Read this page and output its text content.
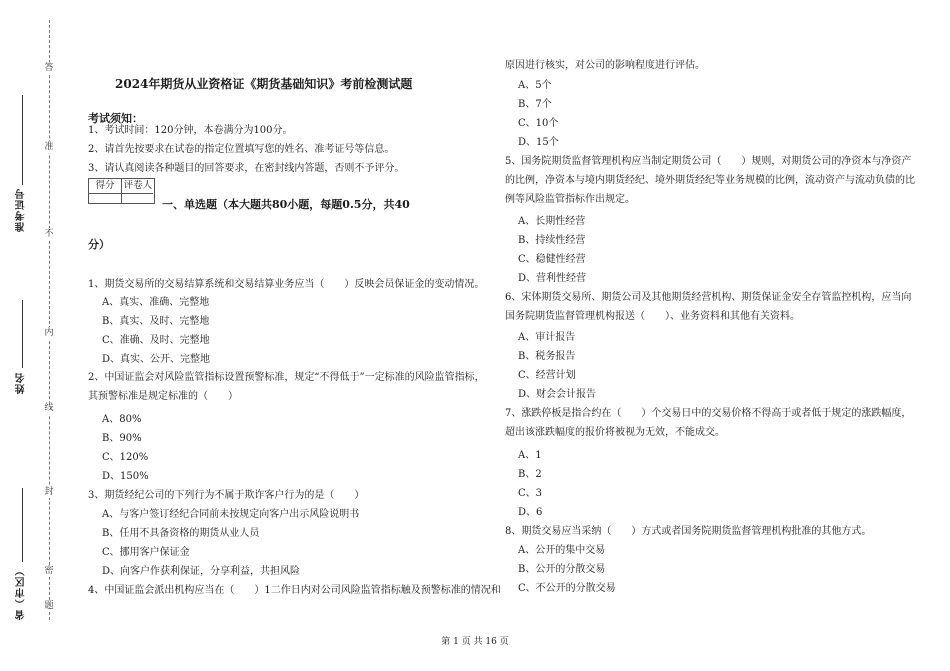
答
准
不
内
线
封
密
题
准考证号
姓名
省（市区）
2024年期货从业资格证《期货基础知识》考前检测试题
考试须知：
1、考试时间：120分钟，本卷满分为100分。
2、请首先按要求在试卷的指定位置填写您的姓名、准考证号等信息。
3、请认真阅读各种题目的回答要求，在密封线内答题，否则不予评分。
得分 评卷人
一、单选题（本大题共80小题，每题0.5分，共40
分）
1、期货交易所的交易结算系统和交易结算业务应当（　　）反映会员保证金的变动情况。
A、真实、准确、完整地
B、真实、及时、完整地
C、准确、及时、完整地
D、真实、公开、完整地
2、中国证监会对风险监管指标设置预警标准，规定“不得低于”一定标准的风险监管指标，
其预警标准是规定标准的（　　）
A、80%
B、90%
C、120%
D、150%
3、期货经纪公司的下列行为不属于欺诈客户行为的是（　　）
A、与客户签订经纪合同前未按规定向客户出示风险说明书
B、任用不具备资格的期货从业人员
C、挪用客户保证金
D、向客户作获利保证，分享利益，共担风险
4、中国证监会派出机构应当在（　　）1二作日内对公司风险监管指标触及预警标准的情况和
原因进行核实，对公司的影响程度进行评估。
A、5个
B、7个
C、10个
D、15个
5、国务院期货监督管理机构应当制定期货公司（　　）规则，对期货公司的净资本与净资产
的比例，净资本与境内期货经纪、境外期货经纪等业务规模的比例，流动资产与流动负债的比
例等风险监管指标作出规定。
A、长期性经营
B、持续性经营
C、稳健性经营
D、营利性经营
6、宋体期货交易所、期货公司及其他期货经营机构、期货保证金安全存管监控机构，应当向
国务院期货监督管理机构报送（　　）、业务资料和其他有关资料。
A、审计报告
B、税务报告
C、经营计划
D、财会会计报告
7、涨跌停板是指合约在（　　）个交易日中的交易价格不得高于或者低于规定的涨跌幅度，
超出该涨跌幅度的报价将被视为无效，不能成交。
A、1
B、2
C、3
D、6
8、期货交易应当采纳（　　）方式或者国务院期货监督管理机构批准的其他方式。
A、公开的集中交易
B、公开的分散交易
C、不公开的分散交易
第 1 页 共 16 页
